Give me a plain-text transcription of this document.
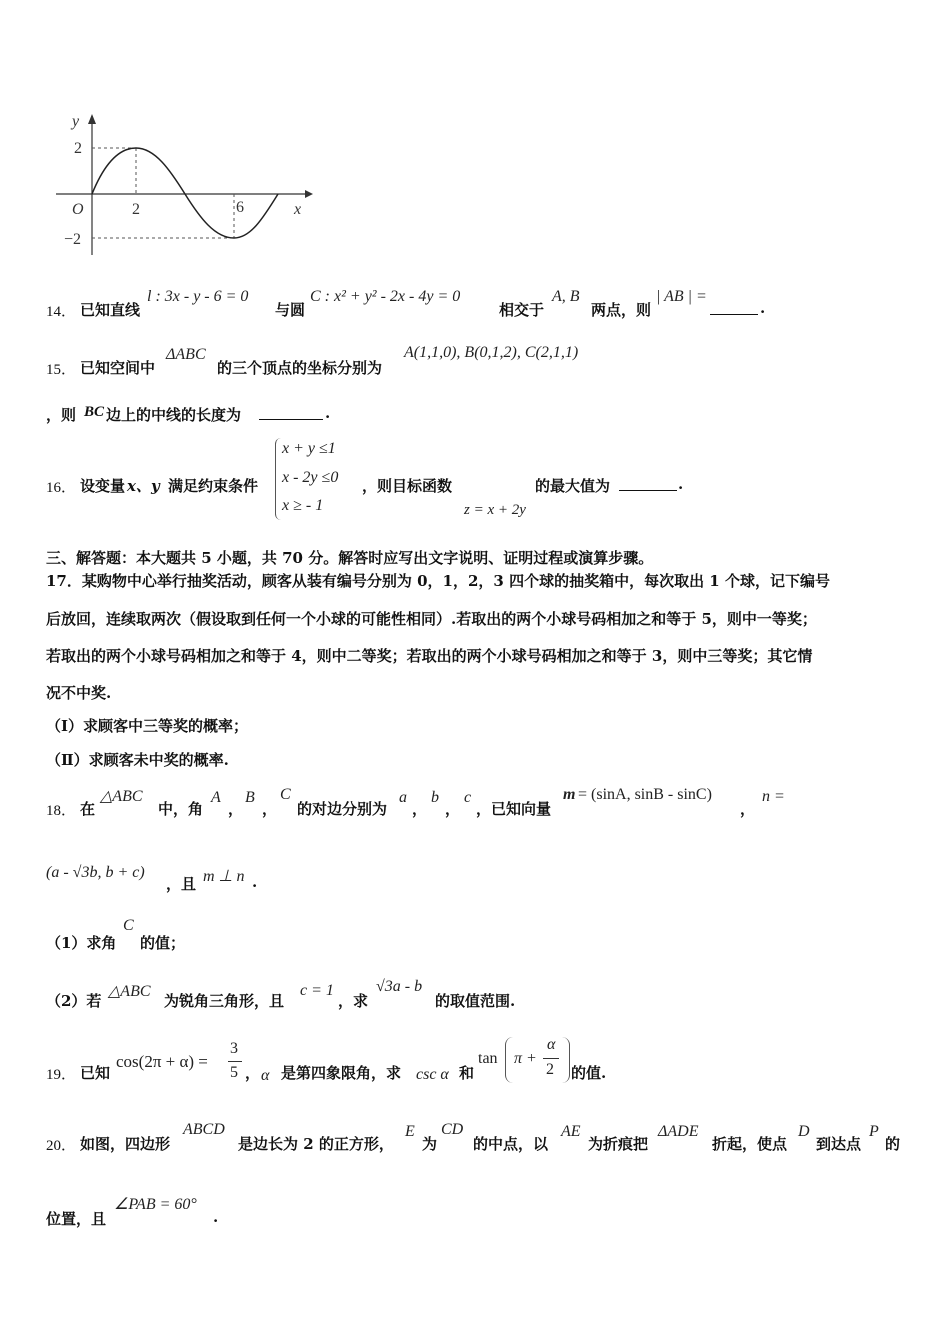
y
x
O
2
−2
2	6
14． 已知直线
l : 3x - y - 6 = 0
与圆
C : x² + y² - 2x - 4y = 0
相交于
A, B
两点，则
| AB | =
.
15． 已知空间中
ΔABC
的三个顶点的坐标分别为
A(1,1,0), B(0,1,2), C(2,1,1)
，则 BC 边上的中线的长度为	.
16． 设变量 x、y 满足约束条件
x + y ≤1
x - 2y ≤0
x ≥ - 1
，则目标函数
z = x + 2y
的最大值为	.
三、解答题：本大题共 5 小题，共 70 分。解答时应写出文字说明、证明过程或演算步骤。
17．某购物中心举行抽奖活动，顾客从装有编号分别为 0，1，2，3 四个球的抽奖箱中，每次取出 1 个球，记下编号
后放回，连续取两次（假设取到任何一个小球的可能性相同）.若取出的两个小球号码相加之和等于 5，则中一等奖；
若取出的两个小球号码相加之和等于 4，则中二等奖；若取出的两个小球号码相加之和等于 3，则中三等奖；其它情
况不中奖.
（Ⅰ）求顾客中三等奖的概率；
（Ⅱ）求顾客未中奖的概率.
18． 在
△ABC
中，角
A
，
B
，
C
的对边分别为
a
，
b
，
c
，已知向量
m = (sinA, sinB - sinC)
，
n =
(a - √3b, b + c)
，且 m ⊥ n .
（1）求角
C
的值；
（2）若
△ABC
为锐角三角形，且
c = 1
，求
√3a - b
的取值范围.
19． 已知
cos(2π + α) =
3
5 ， α 是第四象限角，求 csc α 和
tan π +
α
2 的值.
20． 如图，四边形
ABCD
是边长为 2 的正方形，
E
为
CD
的中点，以
AE
为折痕把
ΔADE
折起，使点
D
到达点
P
的
位置，且
∠PAB = 60°
.
